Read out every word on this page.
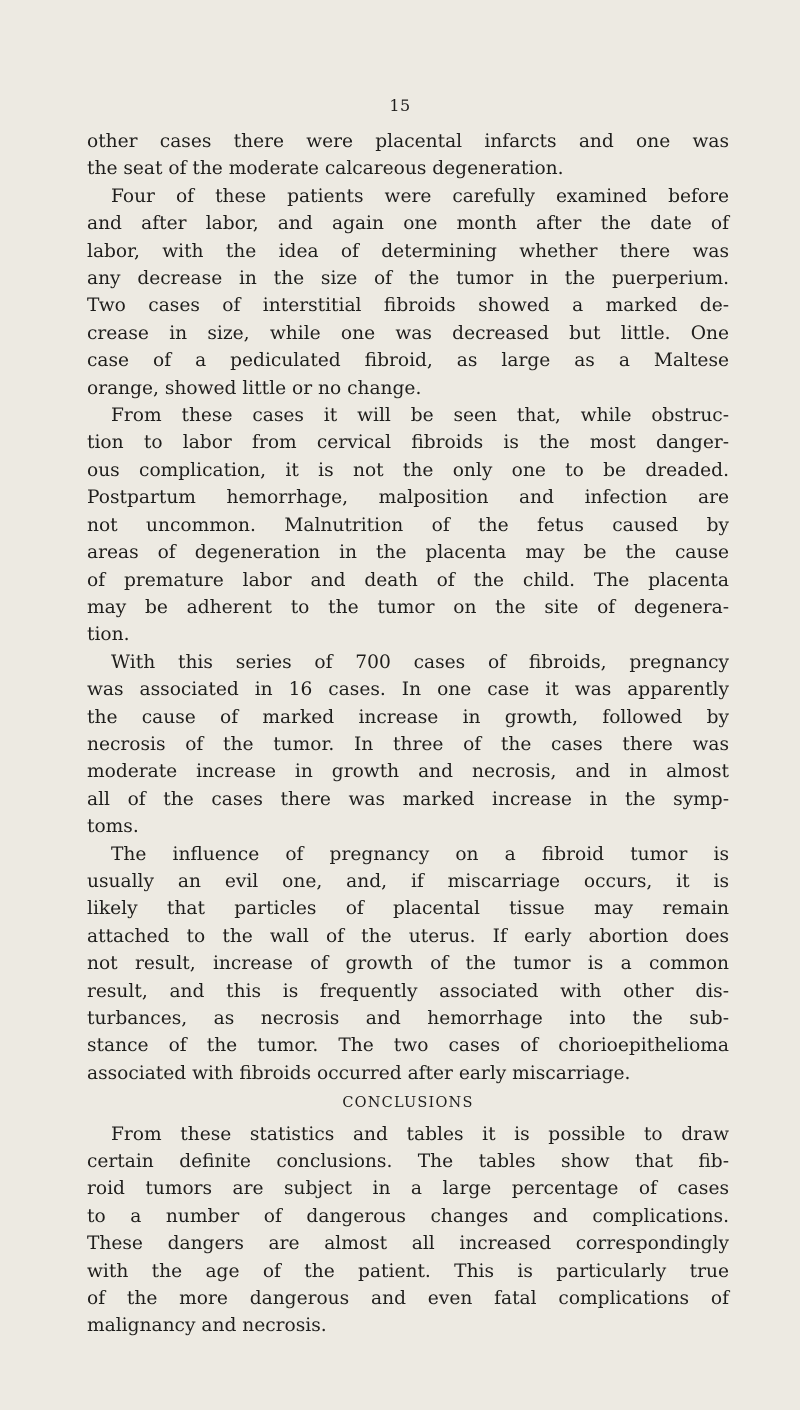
15
other cases there were placental infarcts and one was
the seat of the moderate calcareous degeneration.
Four of these patients were carefully examined before
and after labor, and again one month after the date of
labor, with the idea of determining whether there was
any decrease in the size of the tumor in the puerperium.
Two cases of interstitial fibroids showed a marked de-
crease in size, while one was decreased but little. One
case of a pediculated fibroid, as large as a Maltese
orange, showed little or no change.
From these cases it will be seen that, while obstruc-
tion to labor from cervical fibroids is the most danger-
ous complication, it is not the only one to be dreaded.
Postpartum hemorrhage, malposition and infection are
not uncommon. Malnutrition of the fetus caused by
areas of degeneration in the placenta may be the cause
of premature labor and death of the child. The placenta
may be adherent to the tumor on the site of degenera-
tion.
With this series of 700 cases of fibroids, pregnancy
was associated in 16 cases. In one case it was apparently
the cause of marked increase in growth, followed by
necrosis of the tumor. In three of the cases there was
moderate increase in growth and necrosis, and in almost
all of the cases there was marked increase in the symp-
toms.
The influence of pregnancy on a fibroid tumor is
usually an evil one, and, if miscarriage occurs, it is
likely that particles of placental tissue may remain
attached to the wall of the uterus. If early abortion does
not result, increase of growth of the tumor is a common
result, and this is frequently associated with other dis-
turbances, as necrosis and hemorrhage into the sub-
stance of the tumor. The two cases of chorioepithelioma
associated with fibroids occurred after early miscarriage.
CONCLUSIONS
From these statistics and tables it is possible to draw
certain definite conclusions. The tables show that fib-
roid tumors are subject in a large percentage of cases
to a number of dangerous changes and complications.
These dangers are almost all increased correspondingly
with the age of the patient. This is particularly true
of the more dangerous and even fatal complications of
malignancy and necrosis.
